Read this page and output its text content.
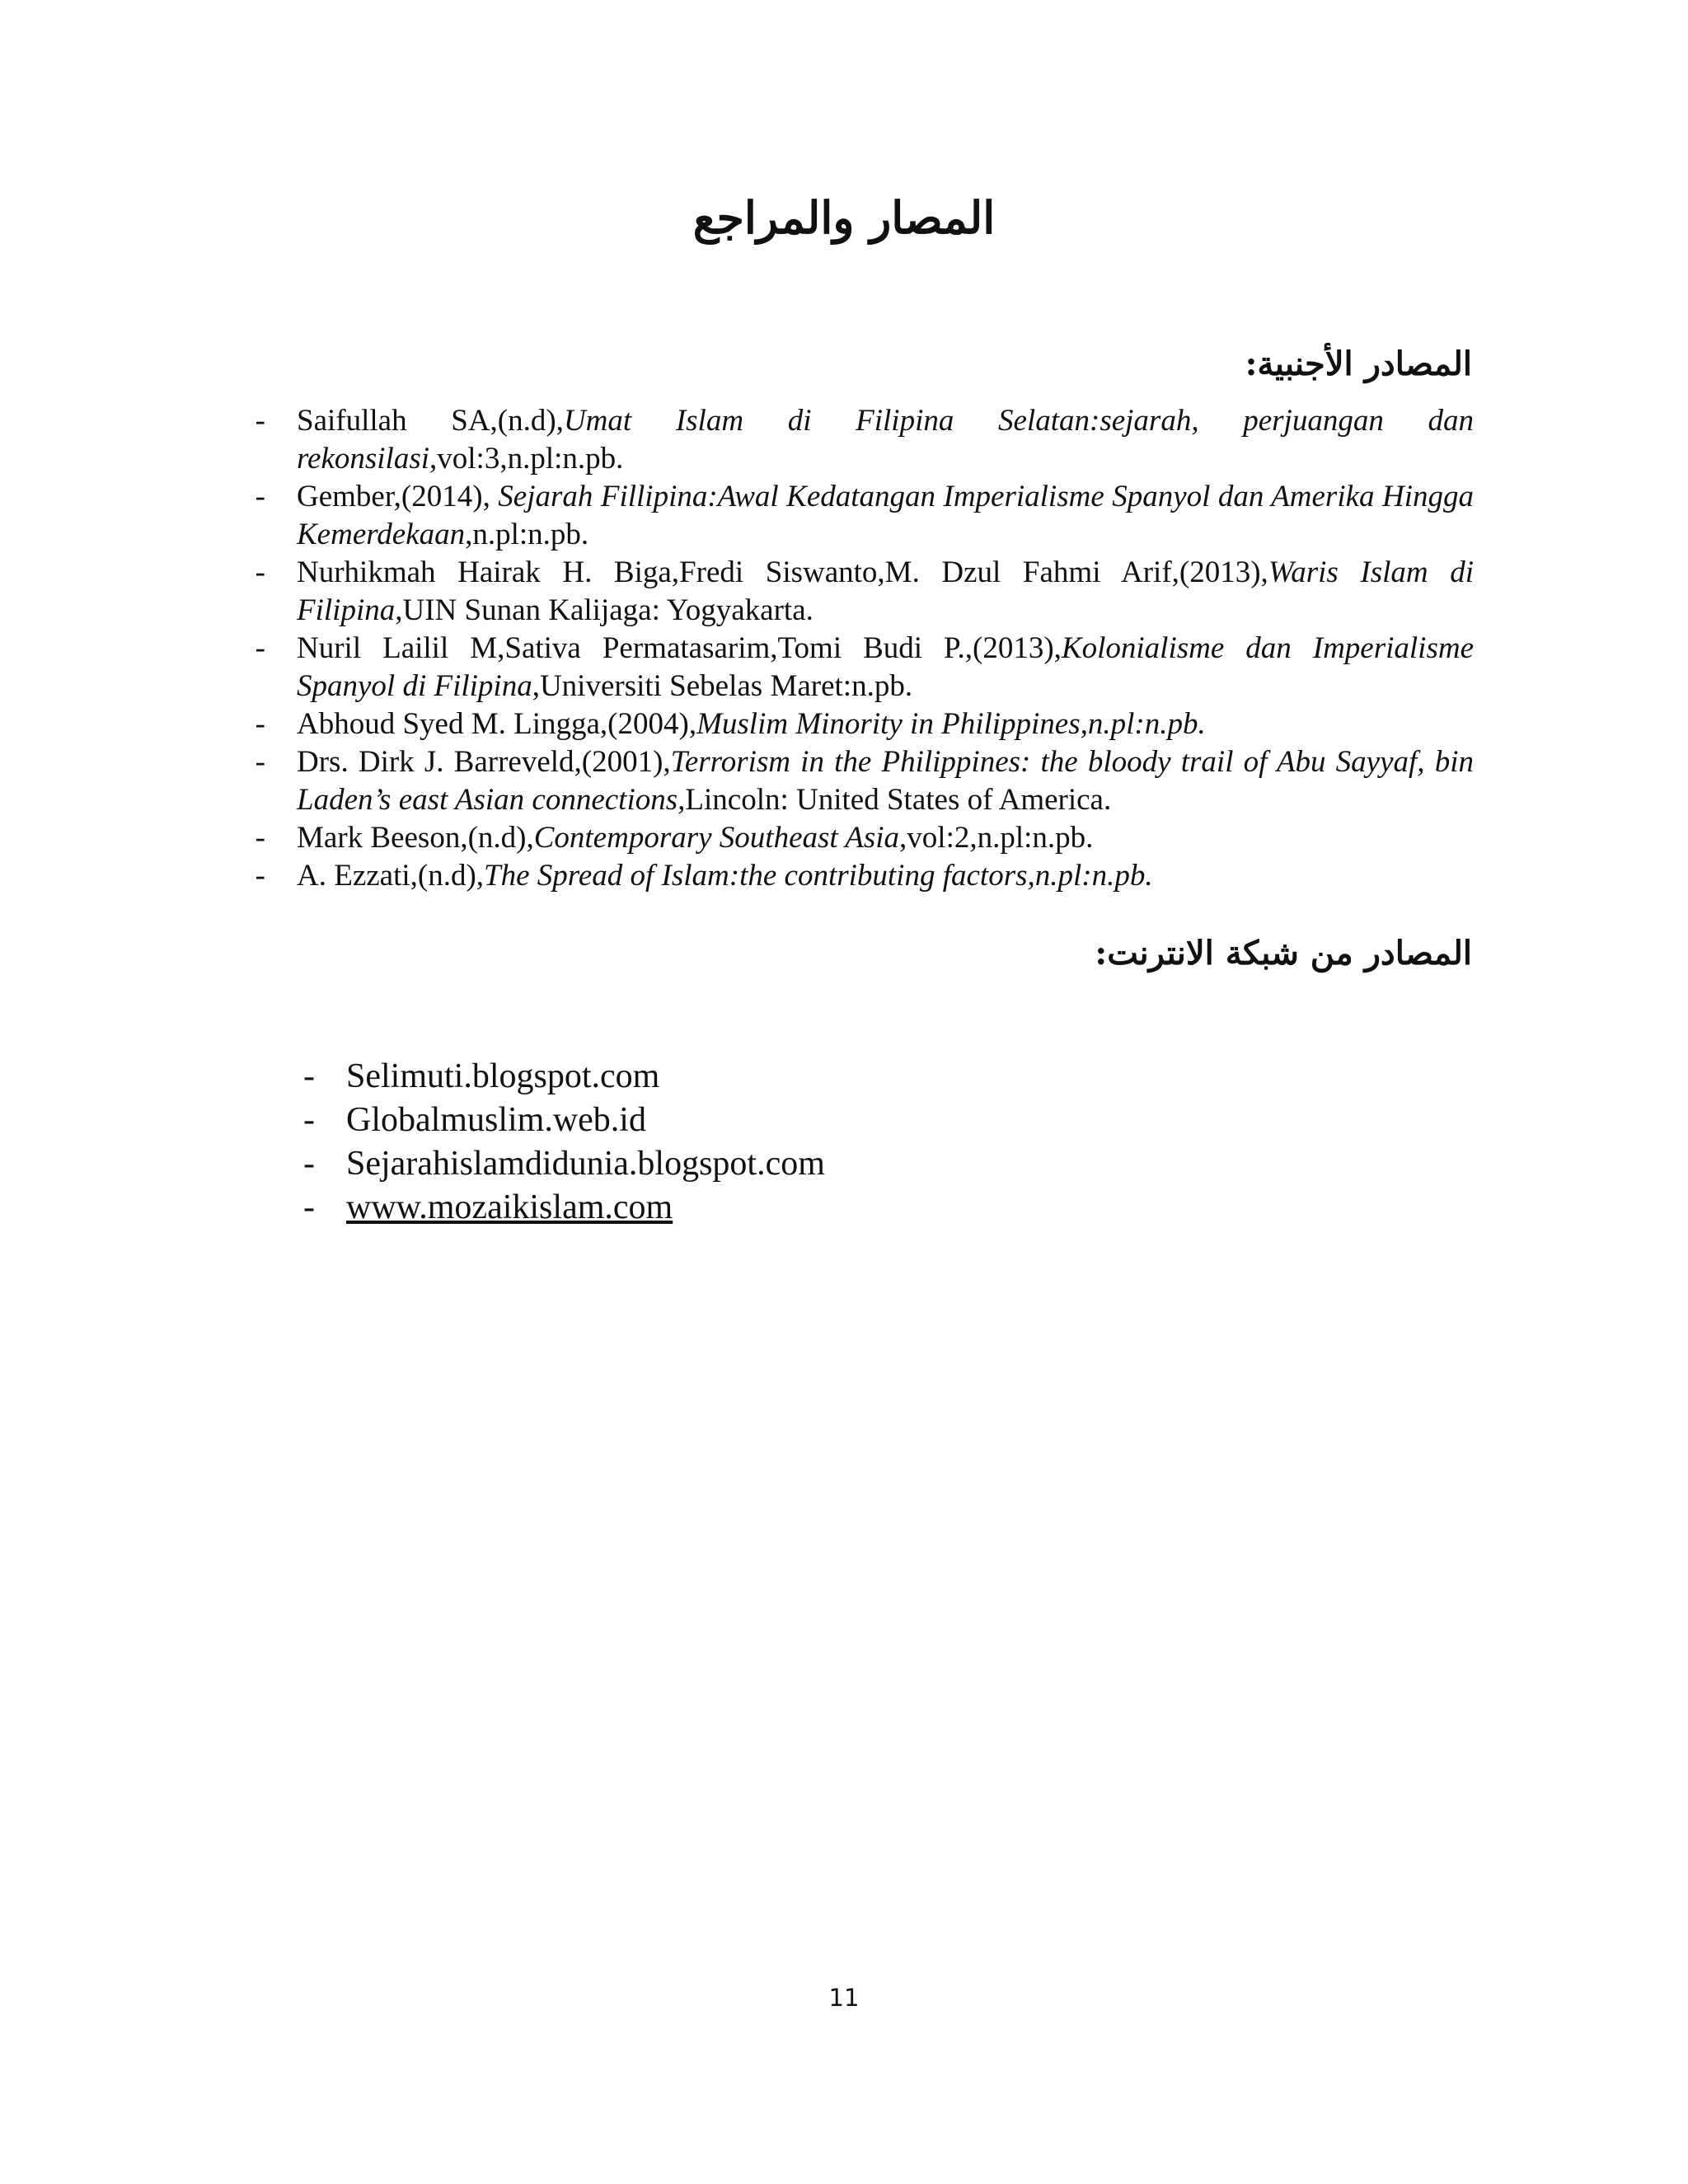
المصار والمراجع
المصادر الأجنبية:
- Saifullah SA,(n.d),Umat Islam di Filipina Selatan:sejarah, perjuangan dan rekonsilasi,vol:3,n.pl:n.pb.
- Gember,(2014), Sejarah Fillipina:Awal Kedatangan Imperialisme Spanyol dan Amerika Hingga Kemerdekaan,n.pl:n.pb.
- Nurhikmah Hairak H. Biga,Fredi Siswanto,M. Dzul Fahmi Arif,(2013),Waris Islam di Filipina,UIN Sunan Kalijaga: Yogyakarta.
- Nuril Lailil M,Sativa Permatasarim,Tomi Budi P.,(2013),Kolonialisme dan Imperialisme Spanyol di Filipina,Universiti Sebelas Maret:n.pb.
- Abhoud Syed M. Lingga,(2004),Muslim Minority in Philippines,n.pl:n.pb.
- Drs. Dirk J. Barreveld,(2001),Terrorism in the Philippines: the bloody trail of Abu Sayyaf, bin Laden’s east Asian connections,Lincoln: United States of America.
- Mark Beeson,(n.d),Contemporary Southeast Asia,vol:2,n.pl:n.pb.
- A. Ezzati,(n.d),The Spread of Islam:the contributing factors,n.pl:n.pb.
المصادر من شبكة الانترنت:
- Selimuti.blogspot.com
- Globalmuslim.web.id
- Sejarahislamdidunia.blogspot.com
- www.mozaikislam.com
11
